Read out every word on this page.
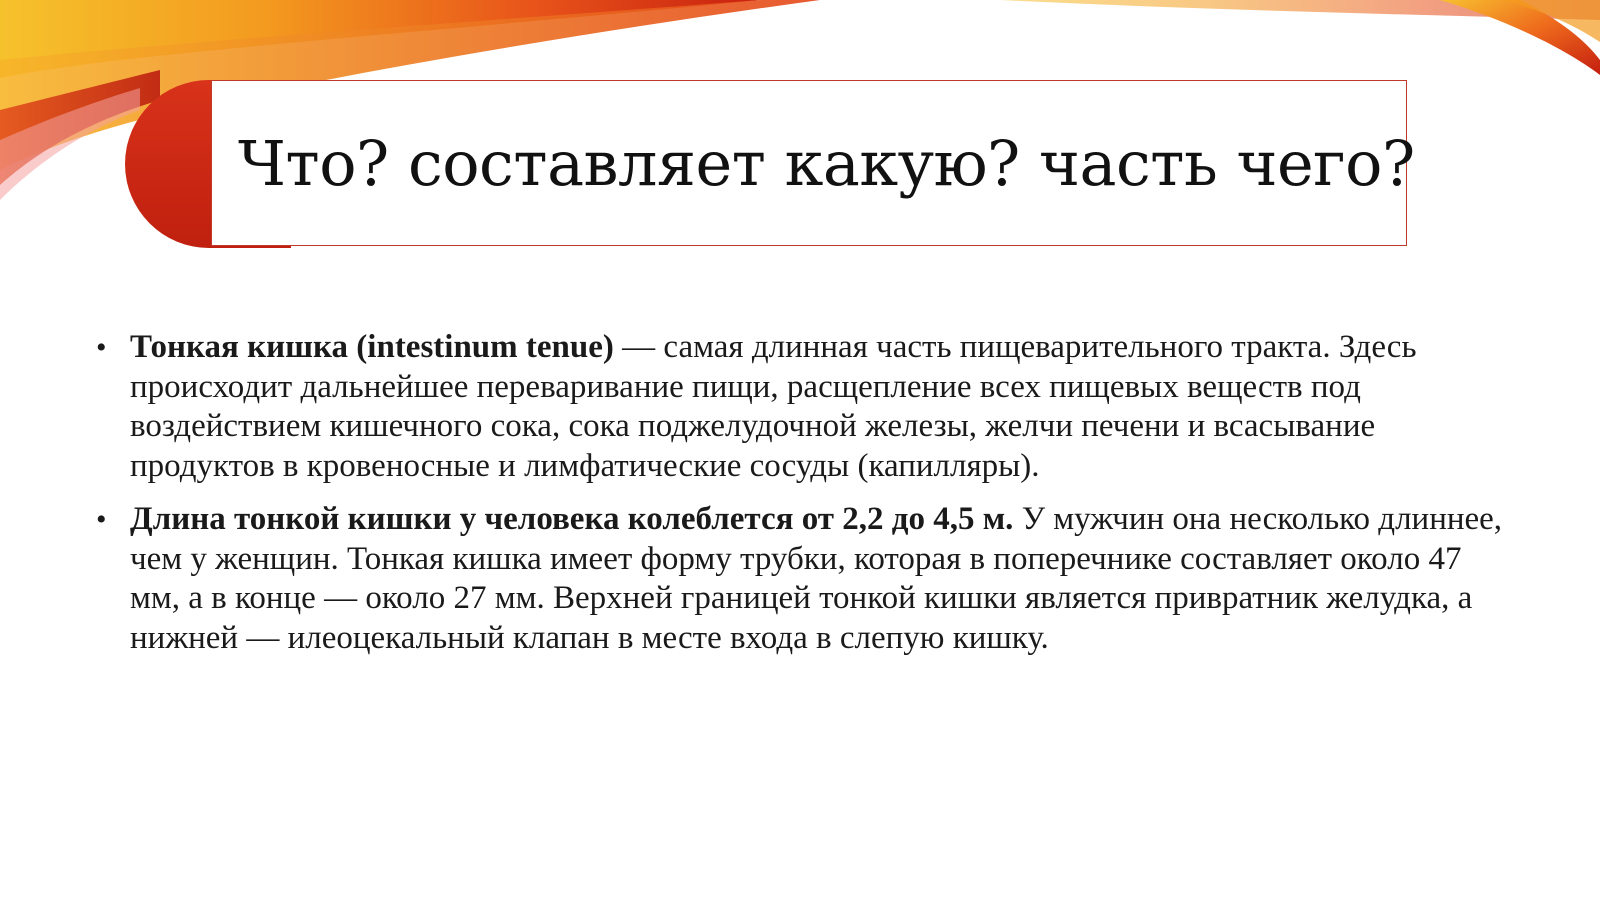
Что? составляет какую? часть чего?
• Тонкая кишка (intestinum tenue) — самая длинная часть пищеварительного тракта. Здесь происходит дальнейшее переваривание пищи, расщепление всех пищевых веществ под воздействием кишечного сока, сока поджелудочной железы, желчи печени и всасывание продуктов в кровеносные и лимфатические сосуды (капилляры).
• Длина тонкой кишки у человека колеблется от 2,2 до 4,5 м. У мужчин она несколько длиннее, чем у женщин. Тонкая кишка имеет форму трубки, которая в поперечнике составляет около 47 мм, а в конце — около 27 мм. Верхней границей тонкой кишки является привратник желудка, а нижней — илеоцекальный клапан в месте входа в слепую кишку.
